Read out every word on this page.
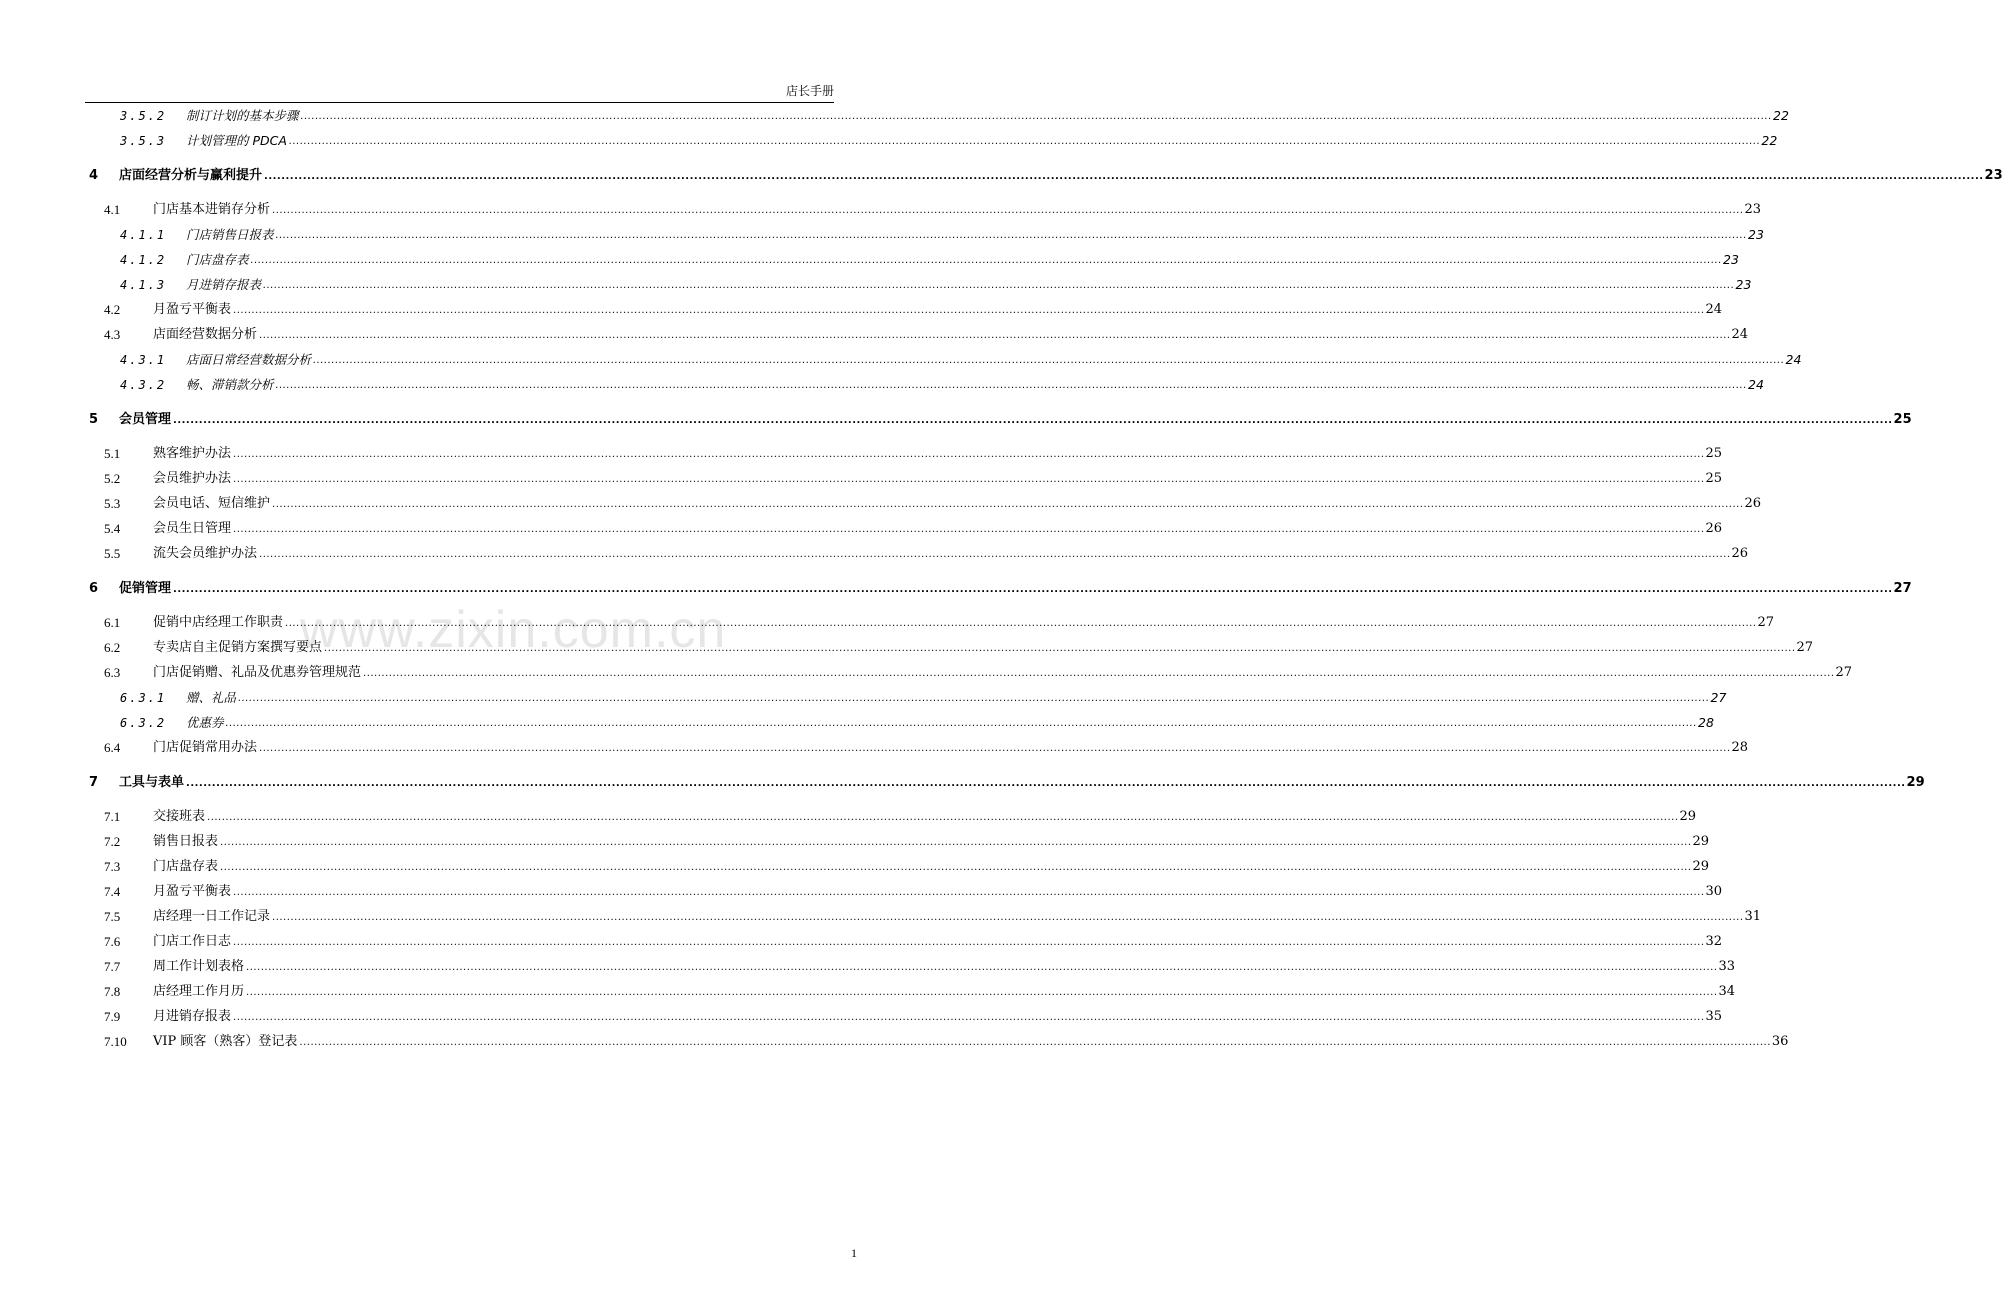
店长手册
www.zixin.com.cn
3.5.2 制订计划的基本步骤 ................................................................................................................................................................................................................................................................................................................................................................................................................ 22
3.5.3 计划管理的 PDCA ................................................................................................................................................................................................................................................................................................................................................................................................................ 22
4 店面经营分析与赢利提升 ................................................................................................................................................................................................................................................................................................................................................................................................................ 23
4.1	门店基本进销存分析 ................................................................................................................................................................................................................................................................................................................................................................................................................ 23
4.1.1 门店销售日报表 ................................................................................................................................................................................................................................................................................................................................................................................................................ 23
4.1.2 门店盘存表 ................................................................................................................................................................................................................................................................................................................................................................................................................ 23
4.1.3 月进销存报表 ................................................................................................................................................................................................................................................................................................................................................................................................................ 23
4.2	月盈亏平衡表 ................................................................................................................................................................................................................................................................................................................................................................................................................ 24
4.3	店面经营数据分析 ................................................................................................................................................................................................................................................................................................................................................................................................................ 24
4.3.1 店面日常经营数据分析 ................................................................................................................................................................................................................................................................................................................................................................................................................ 24
4.3.2 畅、滞销款分析 ................................................................................................................................................................................................................................................................................................................................................................................................................ 24
5 会员管理 ................................................................................................................................................................................................................................................................................................................................................................................................................ 25
5.1	熟客维护办法 ................................................................................................................................................................................................................................................................................................................................................................................................................ 25
5.2	会员维护办法 ................................................................................................................................................................................................................................................................................................................................................................................................................ 25
5.3	会员电话、短信维护 ................................................................................................................................................................................................................................................................................................................................................................................................................ 26
5.4	会员生日管理 ................................................................................................................................................................................................................................................................................................................................................................................................................ 26
5.5	流失会员维护办法 ................................................................................................................................................................................................................................................................................................................................................................................................................ 26
6 促销管理 ................................................................................................................................................................................................................................................................................................................................................................................................................ 27
6.1	促销中店经理工作职责 ................................................................................................................................................................................................................................................................................................................................................................................................................ 27
6.2	专卖店自主促销方案撰写要点 ................................................................................................................................................................................................................................................................................................................................................................................................................ 27
6.3	门店促销赠、礼品及优惠券管理规范 ................................................................................................................................................................................................................................................................................................................................................................................................................ 27
6.3.1 赠、礼品 ................................................................................................................................................................................................................................................................................................................................................................................................................ 27
6.3.2 优惠券 ................................................................................................................................................................................................................................................................................................................................................................................................................ 28
6.4	门店促销常用办法 ................................................................................................................................................................................................................................................................................................................................................................................................................ 28
7 工具与表单 ................................................................................................................................................................................................................................................................................................................................................................................................................ 29
7.1	交接班表 ................................................................................................................................................................................................................................................................................................................................................................................................................ 29
7.2	销售日报表 ................................................................................................................................................................................................................................................................................................................................................................................................................ 29
7.3	门店盘存表 ................................................................................................................................................................................................................................................................................................................................................................................................................ 29
7.4	月盈亏平衡表 ................................................................................................................................................................................................................................................................................................................................................................................................................ 30
7.5	店经理一日工作记录 ................................................................................................................................................................................................................................................................................................................................................................................................................ 31
7.6	门店工作日志 ................................................................................................................................................................................................................................................................................................................................................................................................................ 32
7.7	周工作计划表格 ................................................................................................................................................................................................................................................................................................................................................................................................................ 33
7.8	店经理工作月历 ................................................................................................................................................................................................................................................................................................................................................................................................................ 34
7.9	月进销存报表 ................................................................................................................................................................................................................................................................................................................................................................................................................ 35
7.10 VIP 顾客（熟客）登记表 ................................................................................................................................................................................................................................................................................................................................................................................................................ 36
1
